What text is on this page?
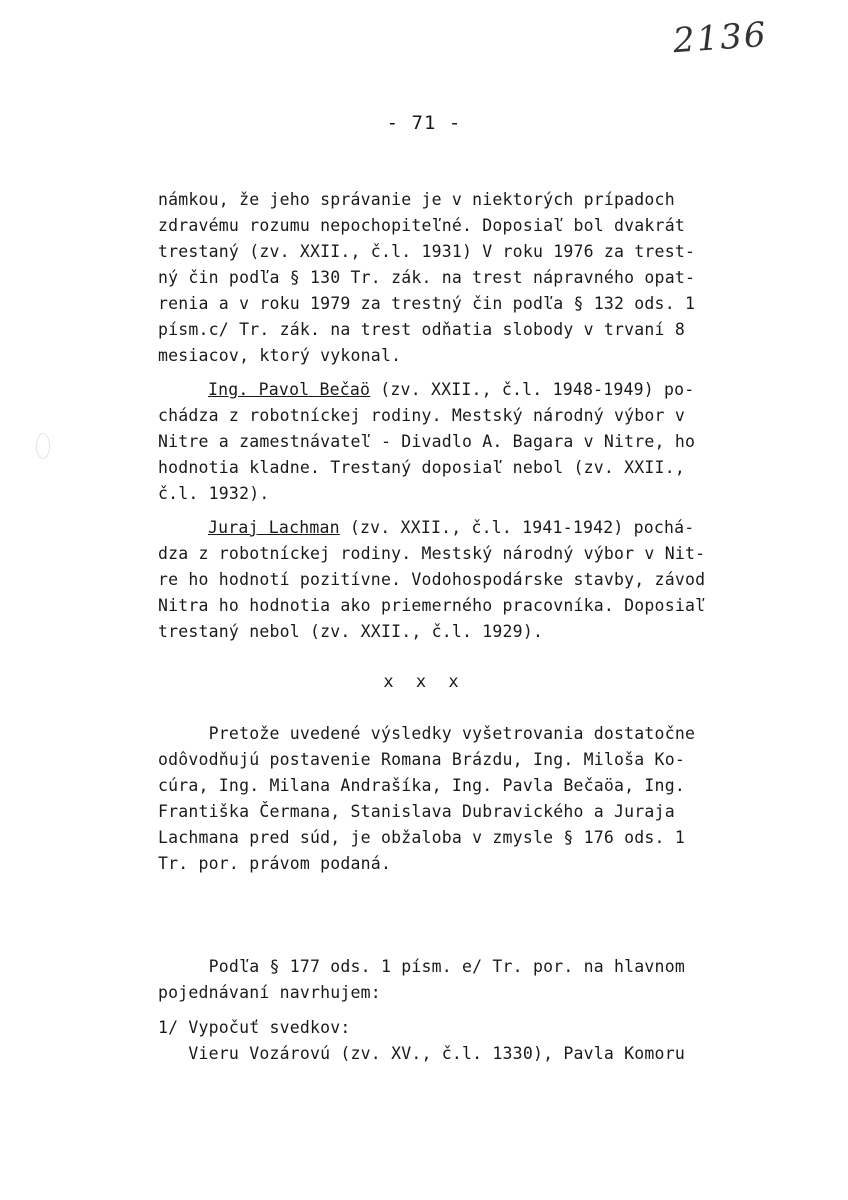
2136
- 71 -
námkou, že jeho správanie je v niektorých prípadoch
zdravému rozumu nepochopiteľné. Doposiaľ bol dvakrát
trestaný (zv. XXII., č.l. 1931) V roku 1976 za trest-
ný čin podľa § 130 Tr. zák. na trest nápravného opat-
renia a v roku 1979 za trestný čin podľa § 132 ods. 1
písm.c/ Tr. zák. na trest odňatia slobody v trvaní 8
mesiacov, ktorý vykonal.
Ing. Pavol Bečaö (zv. XXII., č.l. 1948-1949) po-
chádza z robotníckej rodiny. Mestský národný výbor v
Nitre a zamestnávateľ - Divadlo A. Bagara v Nitre, ho
hodnotia kladne. Trestaný doposiaľ nebol (zv. XXII.,
č.l. 1932).
Juraj Lachman (zv. XXII., č.l. 1941-1942) pochá-
dza z robotníckej rodiny. Mestský národný výbor v Nit-
re ho hodnotí pozitívne. Vodohospodárske stavby, závod
Nitra ho hodnotia ako priemerného pracovníka. Doposiaľ
trestaný nebol (zv. XXII., č.l. 1929).
x x x
Pretože uvedené výsledky vyšetrovania dostatočne
odôvodňujú postavenie Romana Brázdu, Ing. Miloša Ko-
cúra, Ing. Milana Andrašíka, Ing. Pavla Bečaöa, Ing.
Františka Čermana, Stanislava Dubravického a Juraja
Lachmana pred súd, je obžaloba v zmysle § 176 ods. 1
Tr. por. právom podaná.
Podľa § 177 ods. 1 písm. e/ Tr. por. na hlavnom
pojednávaní navrhujem:
1/ Vypočuť svedkov:
Vieru Vozárovú (zv. XV., č.l. 1330), Pavla Komoru
